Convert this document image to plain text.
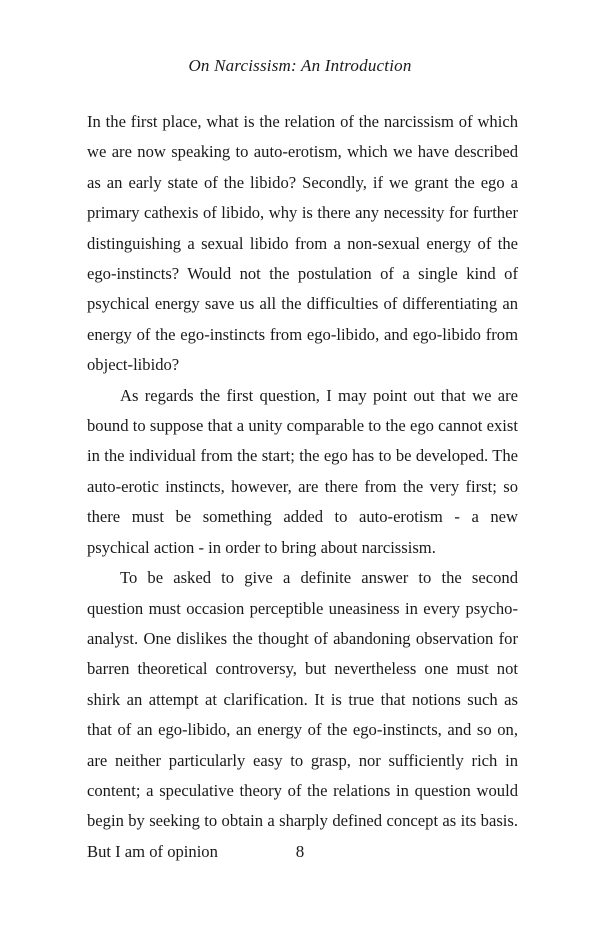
On Narcissism: An Introduction

In the first place, what is the relation of the narcissism of which we are now speaking to auto-erotism, which we have described as an early state of the libido? Secondly, if we grant the ego a primary cathexis of libido, why is there any necessity for further distinguishing a sexual libido from a non-sexual energy of the ego-instincts? Would not the postulation of a single kind of psychical energy save us all the difficulties of differentiating an energy of the ego-instincts from ego-libido, and ego-libido from object-libido?

As regards the first question, I may point out that we are bound to suppose that a unity comparable to the ego cannot exist in the individual from the start; the ego has to be developed. The auto-erotic instincts, however, are there from the very first; so there must be something added to auto-erotism - a new psychical action - in order to bring about narcissism.

To be asked to give a definite answer to the second question must occasion perceptible uneasiness in every psycho-analyst. One dislikes the thought of abandoning observation for barren theoretical controversy, but nevertheless one must not shirk an attempt at clarification. It is true that notions such as that of an ego-libido, an energy of the ego-instincts, and so on, are neither particularly easy to grasp, nor sufficiently rich in content; a speculative theory of the relations in question would begin by seeking to obtain a sharply defined concept as its basis. But I am of opinion	8
